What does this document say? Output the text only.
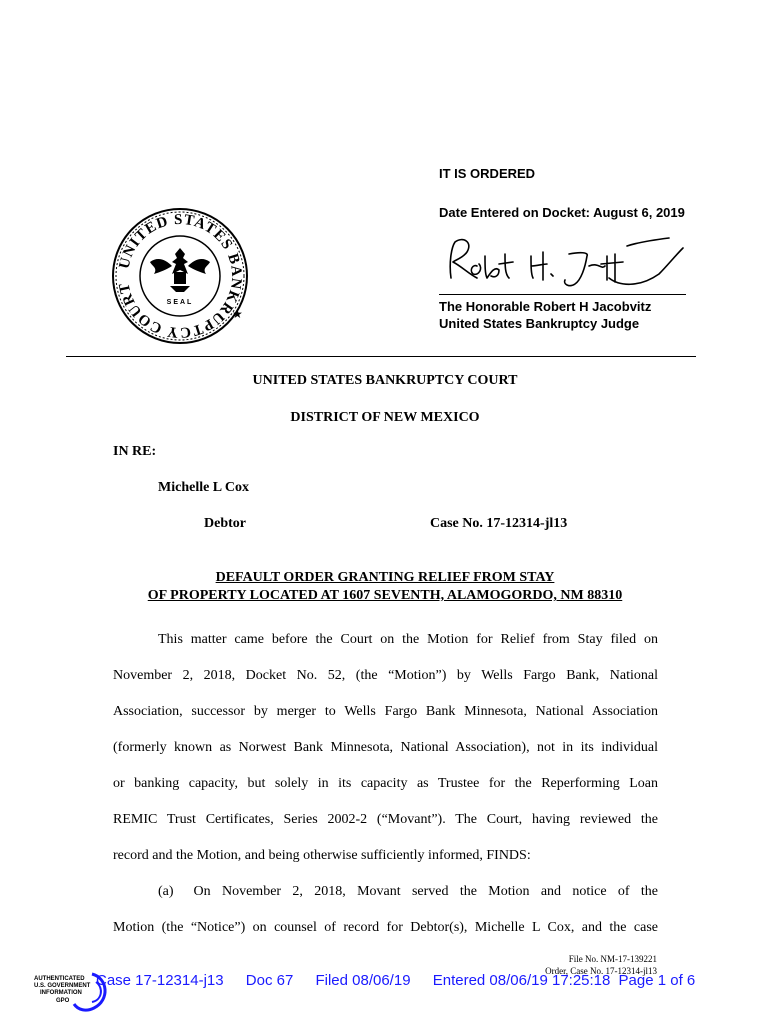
IT IS ORDERED
Date Entered on Docket: August 6, 2019
The Honorable Robert H Jacobvitz
United States Bankruptcy Judge
UNITED STATES BANKRUPTCY COURT
SEAL
★
UNITED STATES BANKRUPTCY COURT
DISTRICT OF NEW MEXICO
IN RE:
Michelle L Cox
Debtor	Case No. 17-12314-jl13
DEFAULT ORDER GRANTING RELIEF FROM STAY
OF PROPERTY LOCATED AT 1607 SEVENTH, ALAMOGORDO, NM 88310

This matter came before the Court on the Motion for Relief from Stay filed on

November 2, 2018, Docket No. 52, (the “Motion”) by Wells Fargo Bank, National

Association, successor by merger to Wells Fargo Bank Minnesota, National Association

(formerly known as Norwest Bank Minnesota, National Association), not in its individual

or banking capacity, but solely in its capacity as Trustee for the Reperforming Loan

REMIC Trust Certificates, Series 2002-2 (“Movant”). The Court, having reviewed the

record and the Motion, and being otherwise sufficiently informed, FINDS:

(a) On November 2, 2018, Movant served the Motion and notice of the

Motion (the “Notice”) on counsel of record for Debtor(s), Michelle L Cox, and the case

File No. NM-17-139221
Order, Case No. 17-12314-jl13
AUTHENTICATED
U.S. GOVERNMENT
INFORMATION
GPO
Case 17-12314-j13 Doc 67 Filed 08/06/19 Entered 08/06/19 17:25:18 Page 1 of 6
